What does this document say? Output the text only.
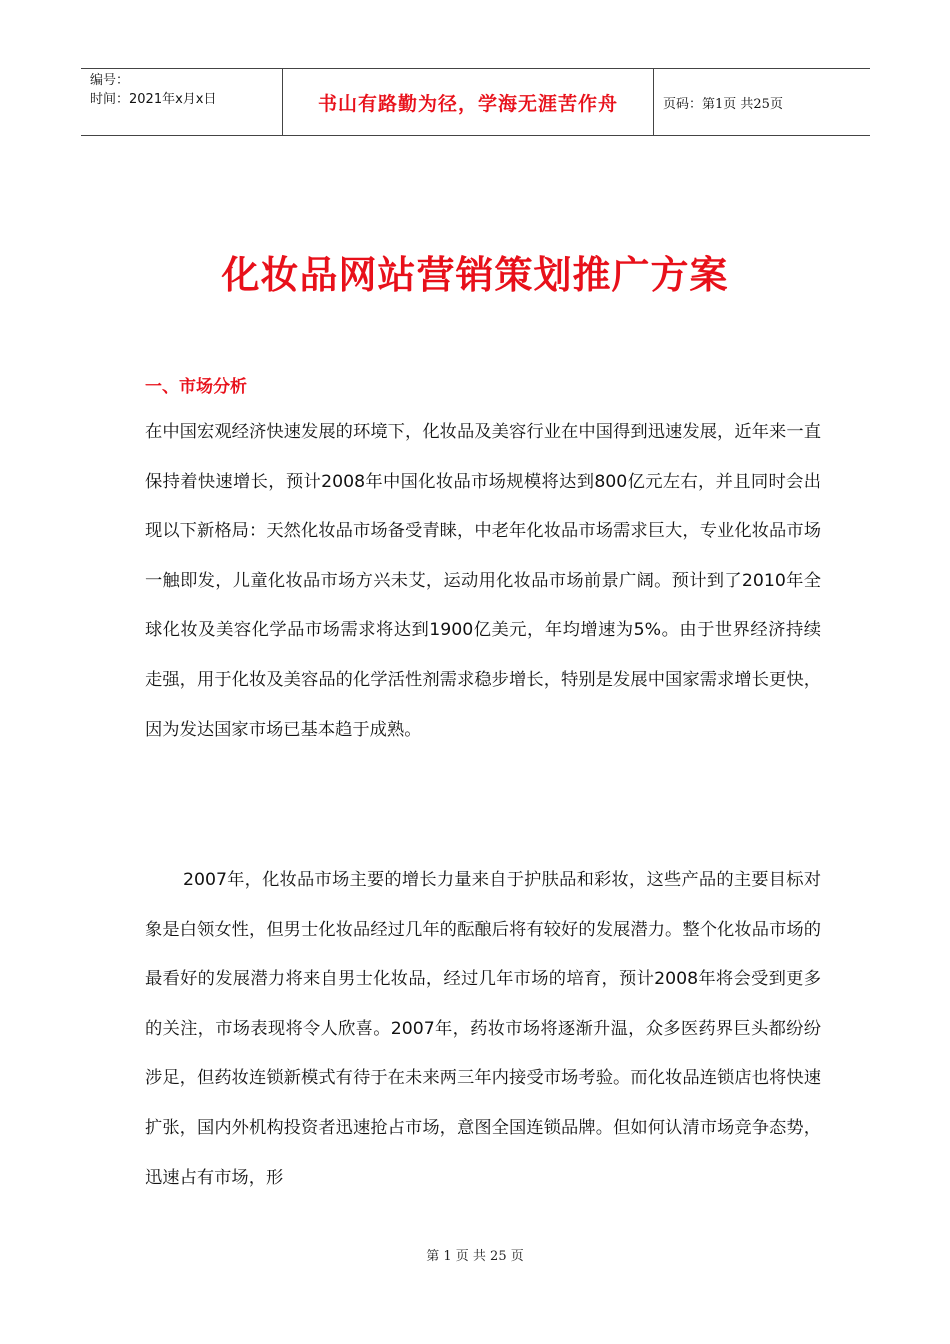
编号：
时间：2021年x月x日	书山有路勤为径，学海无涯苦作舟	页码：第1页 共25页
化妆品网站营销策划推广方案
一、市场分析

在中国宏观经济快速发展的环境下，化妆品及美容行业在中国得到迅速发展，近年来一直保持着快速增长，预计2008年中国化妆品市场规模将达到800亿元左右，并且同时会出现以下新格局：天然化妆品市场备受青睐，中老年化妆品市场需求巨大，专业化妆品市场一触即发，儿童化妆品市场方兴未艾，运动用化妆品市场前景广阔。预计到了2010年全球化妆及美容化学品市场需求将达到1900亿美元，年均增速为5%。由于世界经济持续走强，用于化妆及美容品的化学活性剂需求稳步增长，特别是发展中国家需求增长更快，因为发达国家市场已基本趋于成熟。

2007年，化妆品市场主要的增长力量来自于护肤品和彩妆，这些产品的主要目标对象是白领女性，但男士化妆品经过几年的酝酿后将有较好的发展潜力。整个化妆品市场的最看好的发展潜力将来自男士化妆品，经过几年市场的培育，预计2008年将会受到更多的关注，市场表现将令人欣喜。2007年，药妆市场将逐渐升温，众多医药界巨头都纷纷涉足，但药妆连锁新模式有待于在未来两三年内接受市场考验。而化妆品连锁店也将快速扩张，国内外机构投资者迅速抢占市场，意图全国连锁品牌。但如何认清市场竞争态势，迅速占有市场，形

第 1 页 共 25 页
